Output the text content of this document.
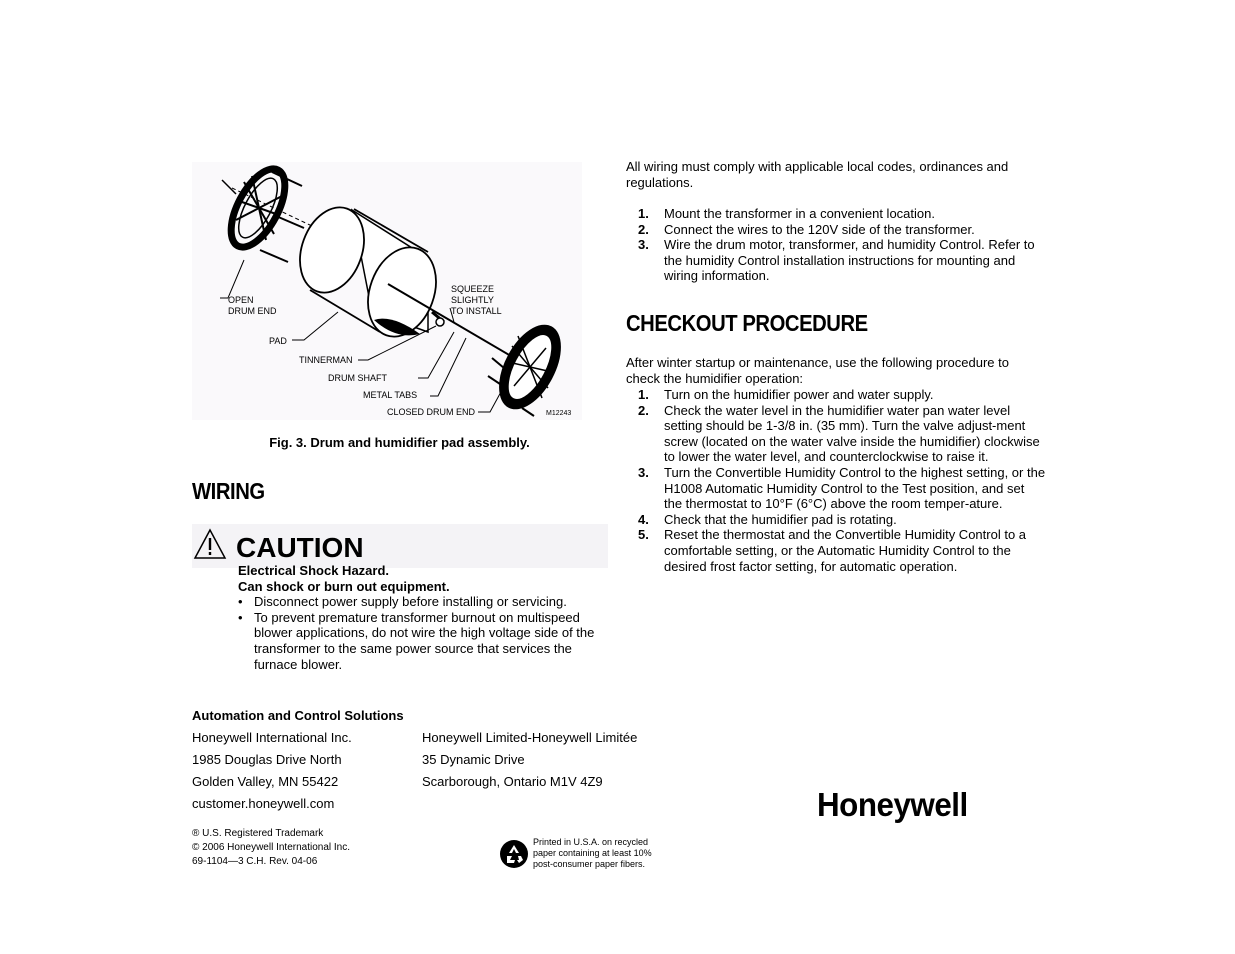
OPEN
DRUM END
SQUEEZE
SLIGHTLY
TO INSTALL
PAD
TINNERMAN
DRUM SHAFT
METAL TABS
CLOSED DRUM END	M12243
Fig. 3. Drum and humidifier pad assembly.
WIRING
CAUTION
Electrical Shock Hazard.
Can shock or burn out equipment.
• Disconnect power supply before installing or servicing.
• To prevent premature transformer burnout on multispeed blower applications, do not wire the high voltage side of the transformer to the same power source that services the furnace blower.
All wiring must comply with applicable local codes, ordinances and regulations.
1. Mount the transformer in a convenient location.
2. Connect the wires to the 120V side of the transformer.
3. Wire the drum motor, transformer, and humidity Control. Refer to the humidity Control installation instructions for mounting and wiring information.
CHECKOUT PROCEDURE
After winter startup or maintenance, use the following procedure to check the humidifier operation:
1. Turn on the humidifier power and water supply.
2. Check the water level in the humidifier water pan water level setting should be 1-3/8 in. (35 mm). Turn the valve adjust-ment screw (located on the water valve inside the humidifier) clockwise to lower the water level, and counterclockwise to raise it.
3. Turn the Convertible Humidity Control to the highest setting, or the H1008 Automatic Humidity Control to the Test position, and set the thermostat to 10°F (6°C) above the room temper-ature.
4. Check that the humidifier pad is rotating.
5. Reset the thermostat and the Convertible Humidity Control to a comfortable setting, or the Automatic Humidity Control to the desired frost factor setting, for automatic operation.
Automation and Control Solutions
Honeywell International Inc.
1985 Douglas Drive North
Golden Valley, MN 55422
customer.honeywell.com
Honeywell Limited-Honeywell Limitée
35 Dynamic Drive
Scarborough, Ontario M1V 4Z9
® U.S. Registered Trademark
© 2006 Honeywell International Inc.
69-1104—3 C.H. Rev. 04-06
Printed in U.S.A. on recycled
paper containing at least 10%
post-consumer paper fibers.
Honeywell
